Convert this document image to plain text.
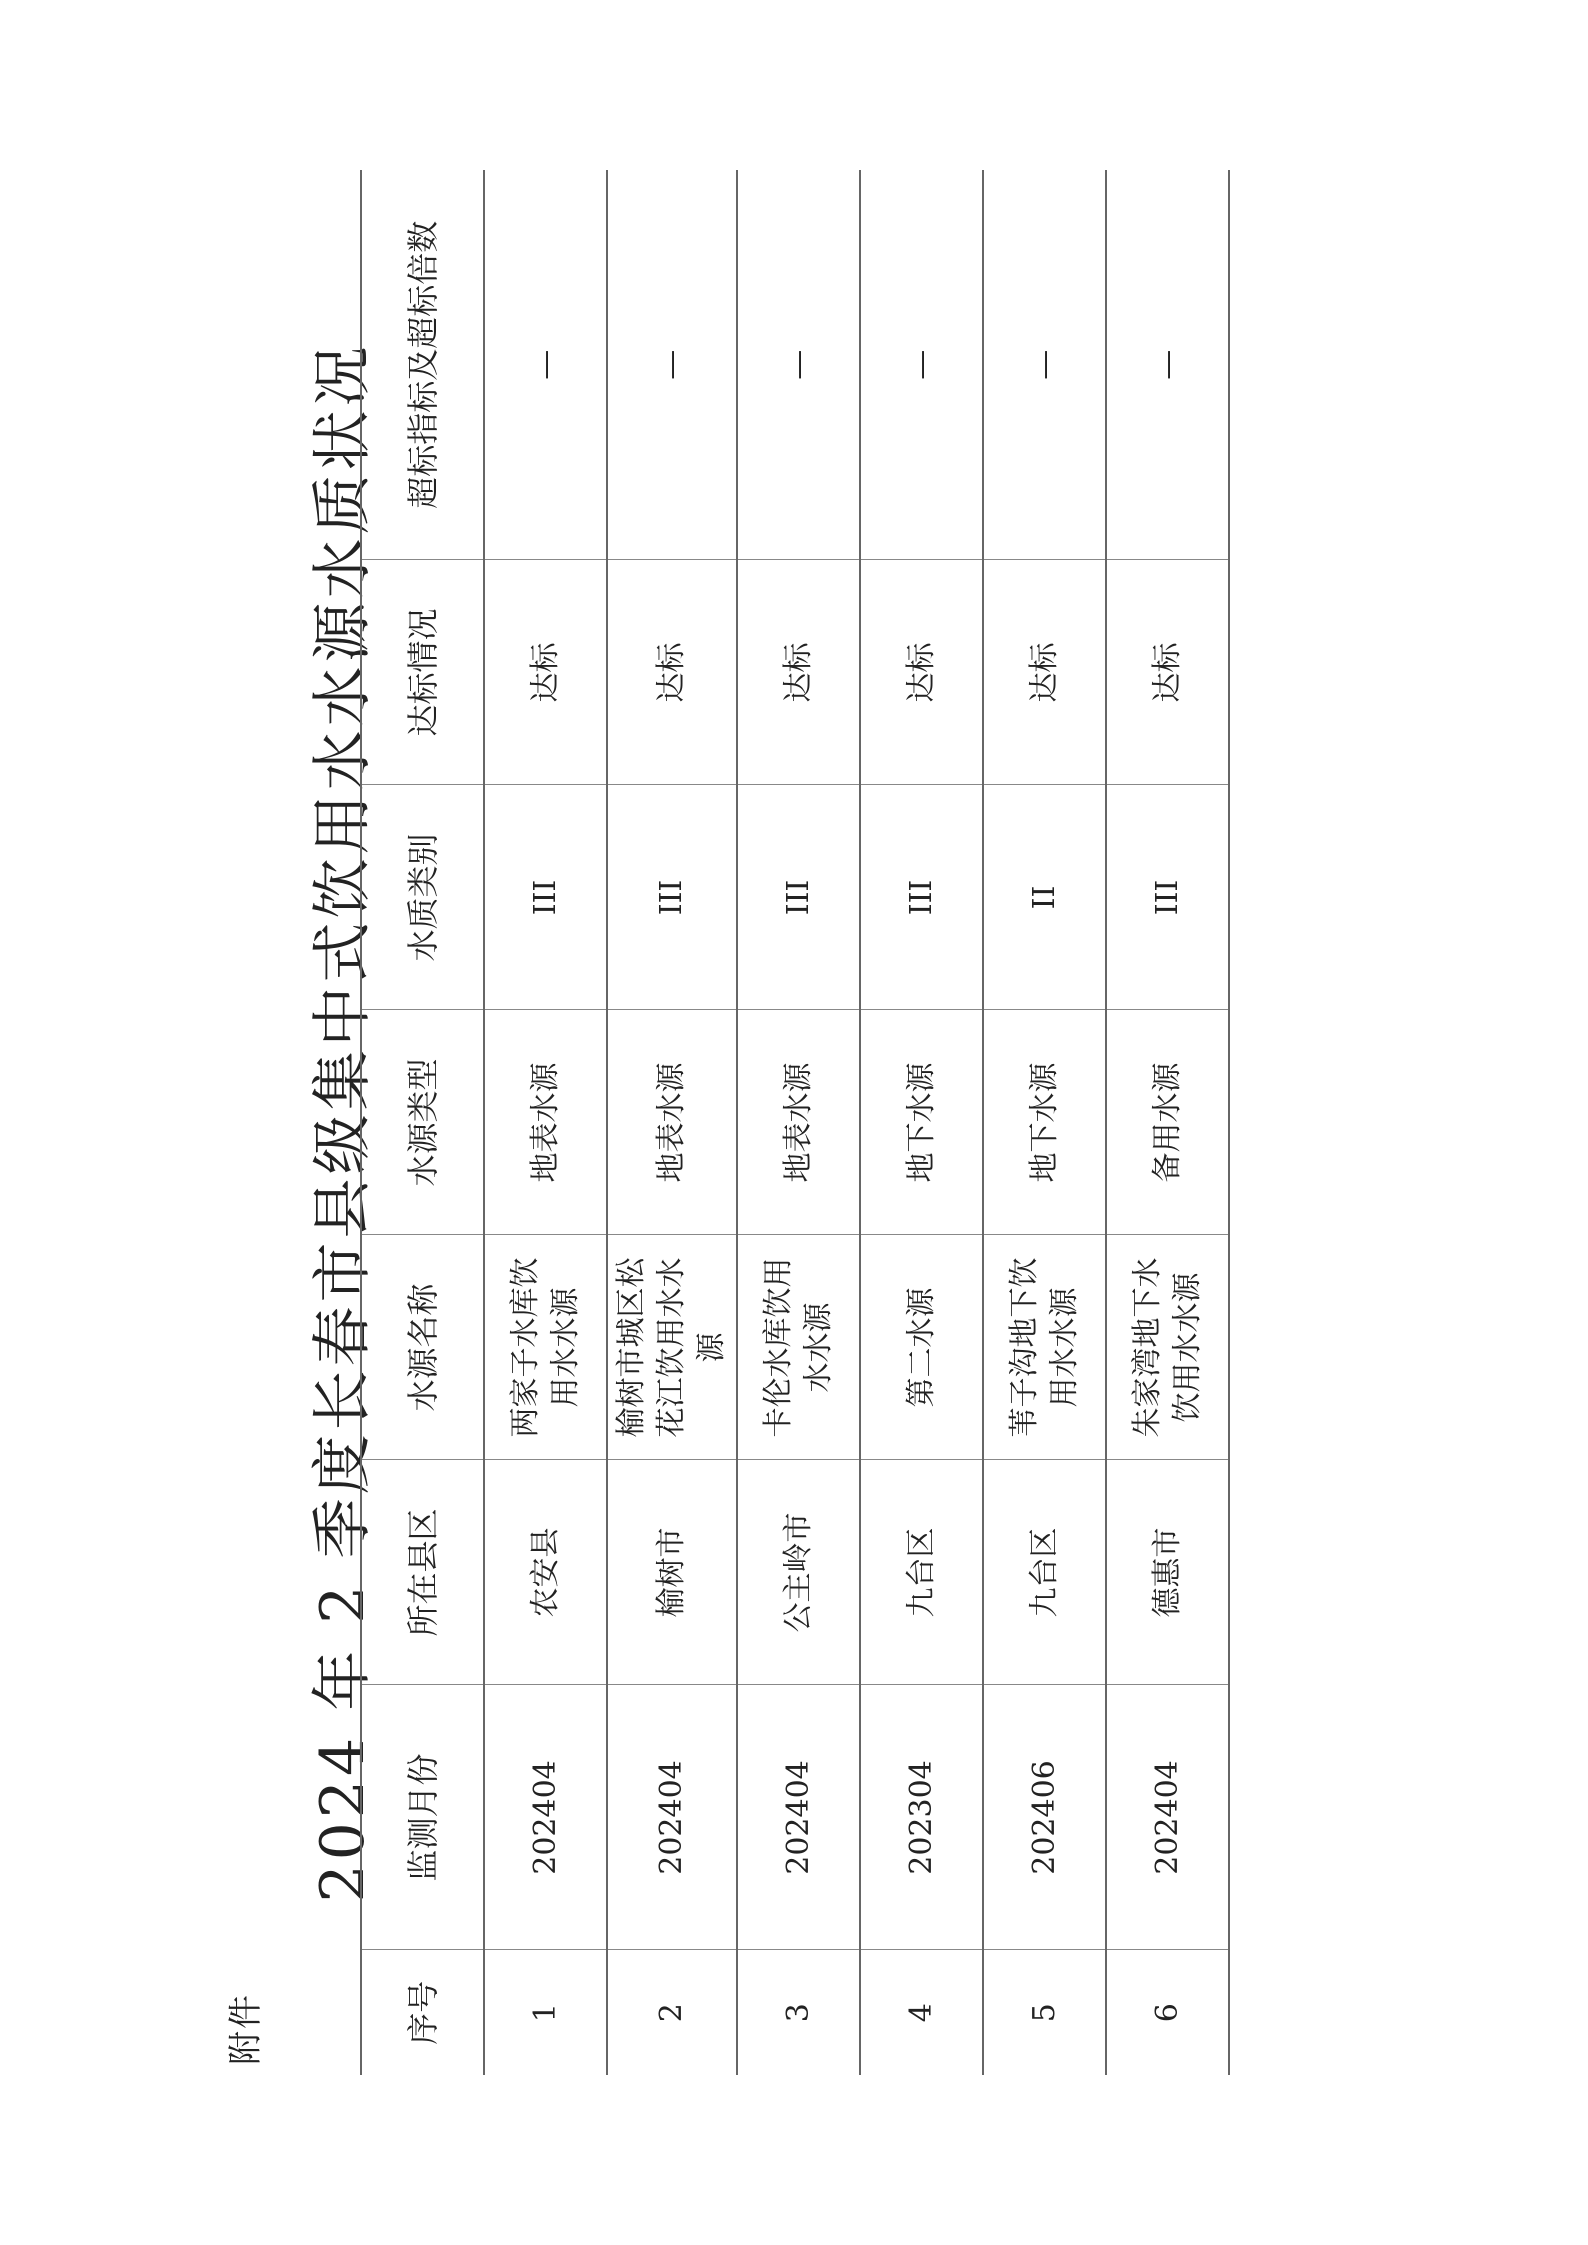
附件
2024 年 2 季度长春市县级集中式饮用水水源水质状况
序号	监测月份	所在县区	水源名称	水源类型	水质类别	达标情况	超标指标及超标倍数
1	202404	农安县	两家子水库饮用水水源	地表水源	III	达标	—
2	202404	榆树市	榆树市城区松花江饮用水水源	地表水源	III	达标	—
3	202404	公主岭市	卡伦水库饮用水水源	地表水源	III	达标	—
4	202304	九台区	第二水源	地下水源	III	达标	—
5	202406	九台区	苇子沟地下饮用水水源	地下水源	II	达标	—
6	202404	德惠市	朱家湾地下水饮用水水源	备用水源	III	达标	—
